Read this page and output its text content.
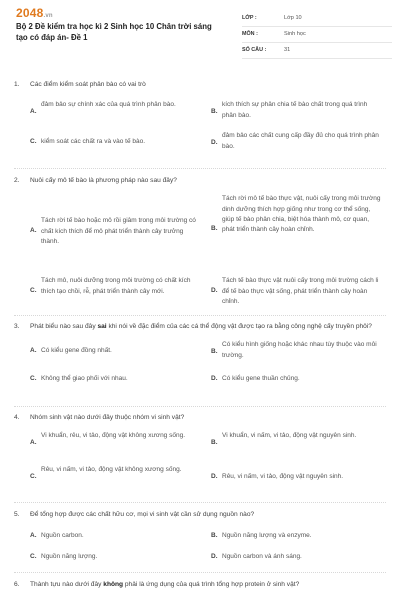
2048.vn
Bộ 2 Đề kiểm tra học kì 2 Sinh học 10 Chân trời sáng tạo có đáp án- Đề 1
LỚP :	Lớp 10
MÔN :	Sinh học
SỐ CÂU :	31
1. Các điểm kiểm soát phân bào có vai trò
A.
đảm bảo sự chính xác của quá trình phân bào.
B.
kích thích sự phân chia tế bào chất trong quá trình phân bào.
C. kiểm soát các chất ra và vào tế bào.	D.
đảm bảo các chất cung cấp đầy đủ cho quá trình phân bào.
2. Nuôi cấy mô tế bào là phương pháp nào sau đây?
A.
Tách rời tế bào hoặc mô rồi giâm trong môi trường có chất kích thích để mô phát triển thành cây trưởng thành.
B.
Tách rời mô tế bào thực vật, nuôi cấy trong môi trường dinh dưỡng thích hợp giống như trong cơ thể sống, giúp tế bào phân chia, biệt hóa thành mô, cơ quan, phát triển thành cây hoàn chỉnh.
C.
Tách mô, nuôi dưỡng trong môi trường có chất kích thích tạo chồi, rễ, phát triển thành cây mới.	D.
Tách tế bào thực vật nuôi cấy trong môi trường cách li để tế bào thực vật sống, phát triển thành cây hoàn chỉnh.
3. Phát biểu nào sau đây sai khi nói về đặc điểm của các cá thể động vật được tạo ra bằng công nghệ cấy truyền phôi?
A. Có kiểu gene đồng nhất.	B.
Có kiểu hình giống hoặc khác nhau tùy thuộc vào môi trường.
C. Không thể giao phối với nhau.	D. Có kiểu gene thuần chủng.
4. Nhóm sinh vật nào dưới đây thuộc nhóm vi sinh vật?
A.
Vi khuẩn, rêu, vi tảo, động vật không xương sống.
B.
Vi khuẩn, vi nấm, vi tảo, động vật nguyên sinh.
C.
Rêu, vi nấm, vi tảo, động vật không xương sống.
D. Rêu, vi nấm, vi tảo, động vật nguyên sinh.
5. Để tổng hợp được các chất hữu cơ, mọi vi sinh vật cần sử dụng nguồn nào?
A. Nguồn carbon.	B. Nguồn năng lượng và enzyme.
C. Nguồn năng lượng.	D. Nguồn carbon và ánh sáng.
6. Thành tựu nào dưới đây không phải là ứng dụng của quá trình tổng hợp protein ở sinh vật?
